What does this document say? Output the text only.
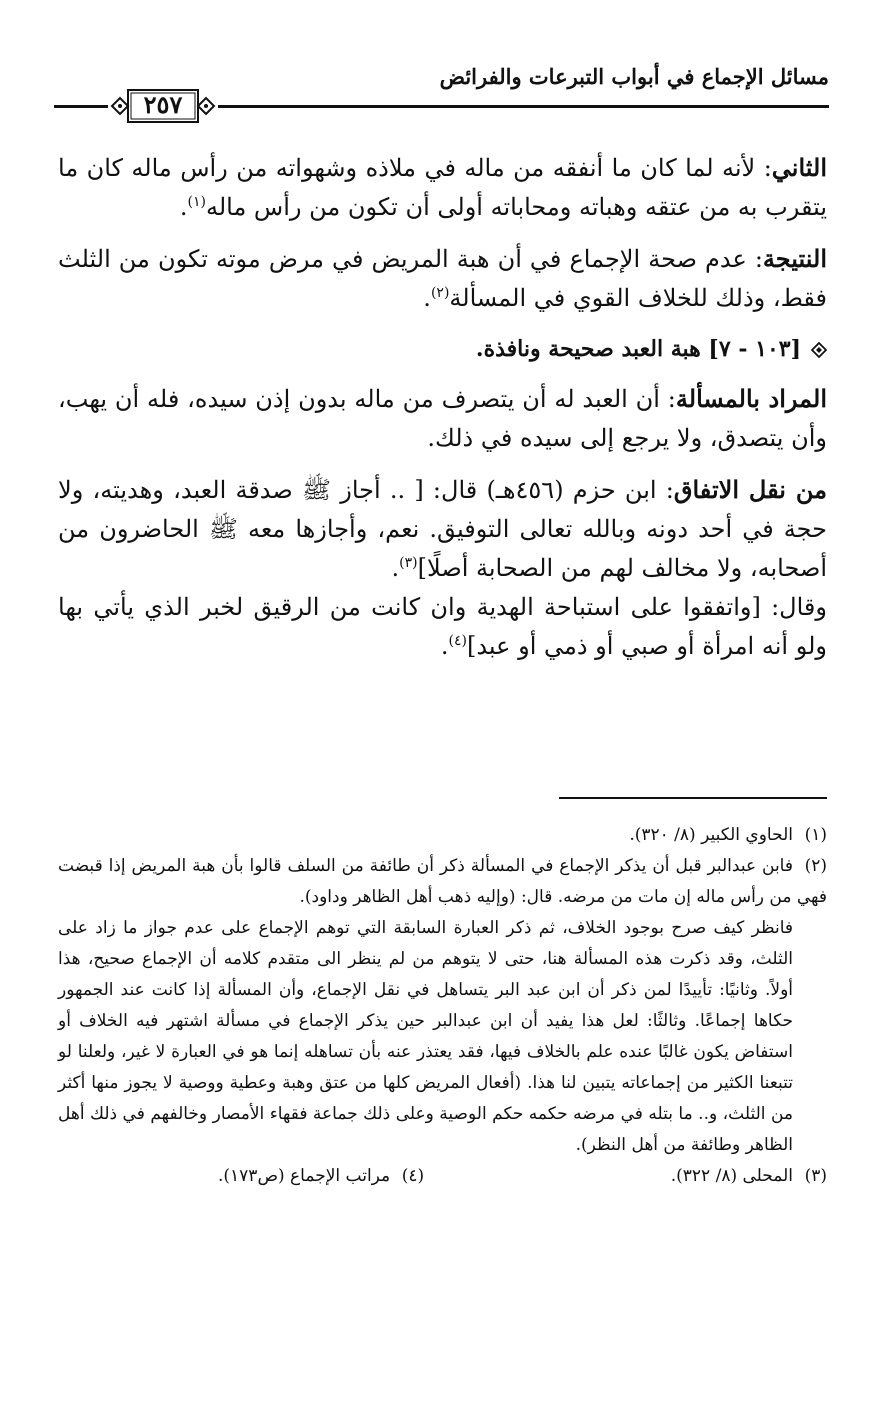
مسائل الإجماع في أبواب التبرعات والفرائض
٢٥٧

الثاني: لأنه لما كان ما أنفقه من ماله في ملاذه وشهواته من رأس ماله كان ما يتقرب به من عتقه وهباته ومحاباته أولى أن تكون من رأس ماله$^{(١)}$.

النتيجة: عدم صحة الإجماع في أن هبة المريض في مرض موته تكون من الثلث فقط، وذلك للخلاف القوي في المسألة$^{(٢)}$.

[١٠٣ - ٧] هبة العبد صحيحة ونافذة.

المراد بالمسألة: أن العبد له أن يتصرف من ماله بدون إذن سيده، فله أن يهب، وأن يتصدق، ولا يرجع إلى سيده في ذلك.

من نقل الاتفاق: ابن حزم (٤٥٦هـ) قال: [ .. أجاز ﷺ صدقة العبد، وهديته، ولا حجة في أحد دونه وبالله تعالى التوفيق. نعم، وأجازها معه ﷺ الحاضرون من أصحابه، ولا مخالف لهم من الصحابة أصلًا]$^{(٣)}$.

وقال: [واتفقوا على استباحة الهدية وان كانت من الرقيق لخبر الذي يأتي بها ولو أنه امرأة أو صبي أو ذمي أو عبد]$^{(٤)}$.

(١)الحاوي الكبير (٨/ ٣٢٠).

(٢)فابن عبدالبر قبل أن يذكر الإجماع في المسألة ذكر أن طائفة من السلف قالوا بأن هبة المريض إذا قبضت فهي من رأس ماله إن مات من مرضه. قال: (وإليه ذهب أهل الظاهر وداود).

فانظر كيف صرح بوجود الخلاف، ثم ذكر العبارة السابقة التي توهم الإجماع على عدم جواز ما زاد على الثلث، وقد ذكرت هذه المسألة هنا، حتى لا يتوهم من لم ينظر الى متقدم كلامه أن الإجماع صحيح، هذا أولاً. وثانيًا: تأييدًا لمن ذكر أن ابن عبد البر يتساهل في نقل الإجماع، وأن المسألة إذا كانت عند الجمهور حكاها إجماعًا. وثالثًا: لعل هذا يفيد أن ابن عبدالبر حين يذكر الإجماع في مسألة اشتهر فيه الخلاف أو استفاض يكون غالبًا عنده علم بالخلاف فيها، فقد يعتذر عنه بأن تساهله إنما هو في العبارة لا غير، ولعلنا لو تتبعنا الكثير من إجماعاته يتبين لنا هذا. (أفعال المريض كلها من عتق وهبة وعطية ووصية لا يجوز منها أكثر من الثلث، و.. ما بتله في مرضه حكمه حكم الوصية وعلى ذلك جماعة فقهاء الأمصار وخالفهم في ذلك أهل الظاهر وطائفة من أهل النظر).

(٣)المحلى (٨/ ٣٢٢).
(٤)مراتب الإجماع (ص١٧٣).
